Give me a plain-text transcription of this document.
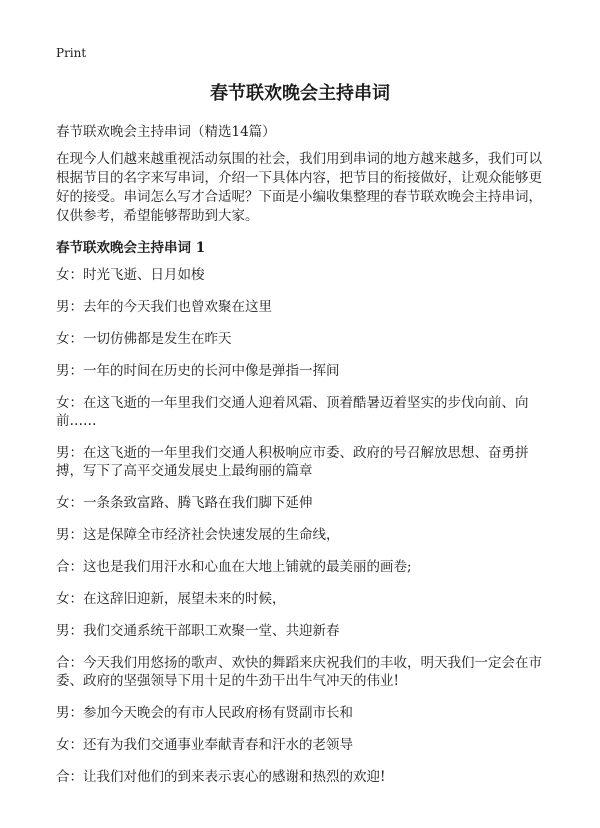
Print
春节联欢晚会主持串词
春节联欢晚会主持串词（精选14篇）

在现今人们越来越重视活动氛围的社会，我们用到串词的地方越来越多，我们可以根据节目的名字来写串词，介绍一下具体内容，把节目的衔接做好，让观众能够更好的接受。串词怎么写才合适呢？下面是小编收集整理的春节联欢晚会主持串词，仅供参考，希望能够帮助到大家。

春节联欢晚会主持串词 1
女：时光飞逝、日月如梭
男：去年的今天我们也曾欢聚在这里
女：一切仿佛都是发生在昨天
男：一年的时间在历史的长河中像是弹指一挥间
女：在这飞逝的一年里我们交通人迎着风霜、顶着酷暑迈着坚实的步伐向前、向前……
男：在这飞逝的一年里我们交通人积极响应市委、政府的号召解放思想、奋勇拼搏，写下了高平交通发展史上最绚丽的篇章
女：一条条致富路、腾飞路在我们脚下延伸
男：这是保障全市经济社会快速发展的生命线，
合：这也是我们用汗水和心血在大地上铺就的最美丽的画卷;
女：在这辞旧迎新，展望未来的时候，
男：我们交通系统干部职工欢聚一堂、共迎新春
合：今天我们用悠扬的歌声、欢快的舞蹈来庆祝我们的丰收，明天我们一定会在市委、政府的坚强领导下用十足的牛劲干出牛气冲天的伟业!
男：参加今天晚会的有市人民政府杨有贤副市长和
女：还有为我们交通事业奉献青春和汗水的老领导
合：让我们对他们的到来表示衷心的感谢和热烈的欢迎!
